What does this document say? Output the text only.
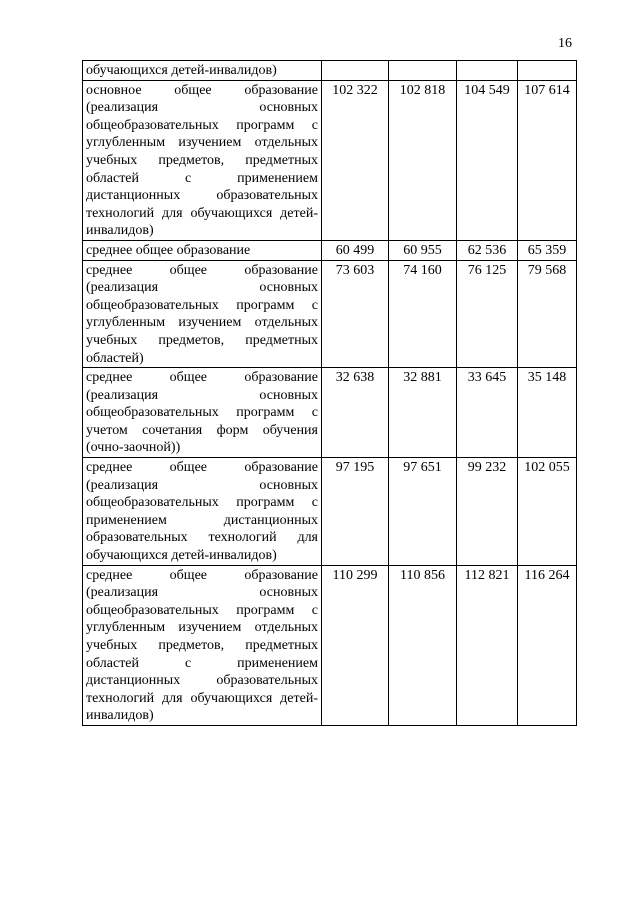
16
обучающихся детей-инвалидов)				
основное общее образование (реализация основных общеобразовательных программ с углубленным изучением отдельных учебных предметов, предметных областей с применением дистанционных образовательных технологий для обучающихся детей-инвалидов)	102 322	102 818	104 549	107 614
среднее общее образование	60 499	60 955	62 536	65 359
среднее общее образование (реализация основных общеобразовательных программ с углубленным изучением отдельных учебных предметов, предметных областей)	73 603	74 160	76 125	79 568
среднее общее образование (реализация основных общеобразовательных программ с учетом сочетания форм обучения (очно-заочной))	32 638	32 881	33 645	35 148
среднее общее образование (реализация основных общеобразовательных программ с применением дистанционных образовательных технологий для обучающихся детей-инвалидов)	97 195	97 651	99 232	102 055
среднее общее образование (реализация основных общеобразовательных программ с углубленным изучением отдельных учебных предметов, предметных областей с применением дистанционных образовательных технологий для обучающихся детей-инвалидов)	110 299	110 856	112 821	116 264
